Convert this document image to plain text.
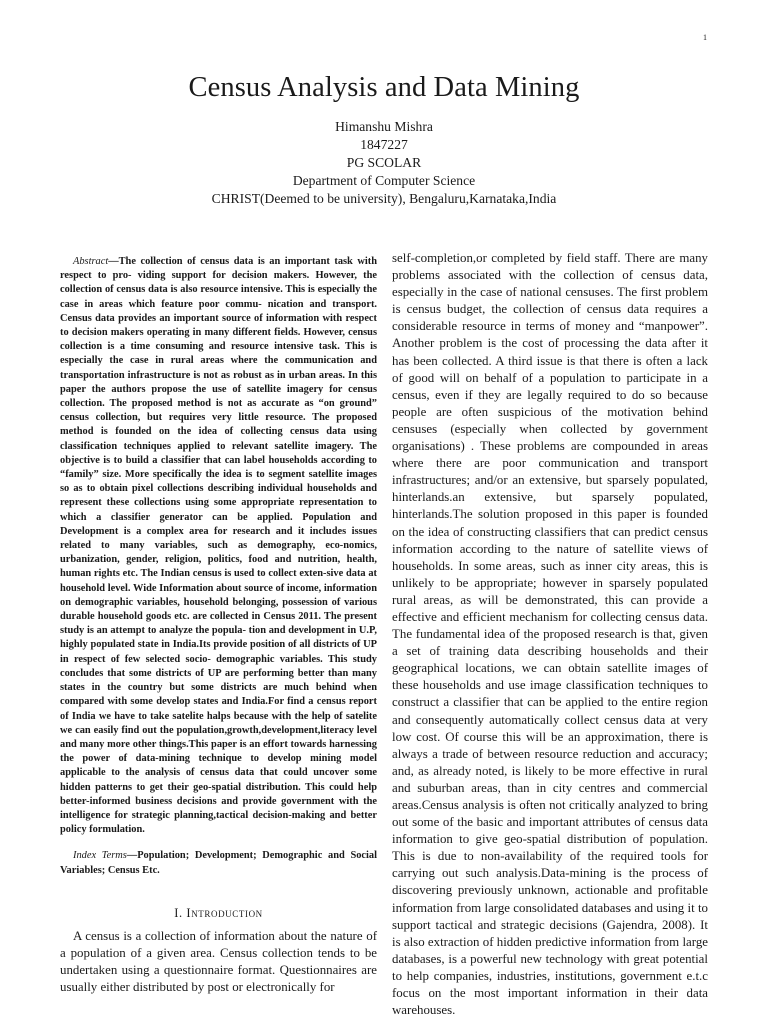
1
Census Analysis and Data Mining
Himanshu Mishra
1847227
PG SCOLAR
Department of Computer Science
CHRIST(Deemed to be university), Bengaluru,Karnataka,India

Abstract—The collection of census data is an important task with respect to pro- viding support for decision makers. However, the collection of census data is also resource intensive. This is especially the case in areas which feature poor commu- nication and transport. Census data provides an important source of information with respect to decision makers operating in many different fields. However, census collection is a time consuming and resource intensive task. This is especially the case in rural areas where the communication and transportation infrastructure is not as robust as in urban areas. In this paper the authors propose the use of satellite imagery for census collection. The proposed method is not as accurate as “on ground” census collection, but requires very little resource. The proposed method is founded on the idea of collecting census data using classification techniques applied to relevant satellite imagery. The objective is to build a classifier that can label households according to “family” size. More specifically the idea is to segment satellite images so as to obtain pixel collections describing individual households and represent these collections using some appropriate representation to which a classifier generator can be applied. Population and Development is a complex area for research and it includes issues related to many variables, such as demography, eco-nomics, urbanization, gender, religion, politics, food and nutrition, health, human rights etc. The Indian census is used to collect exten-sive data at household level. Wide Information about source of income, information on demographic variables, household belonging, possession of various durable household goods etc. are collected in Census 2011. The present study is an attempt to analyze the popula- tion and development in U.P, highly populated state in India.Its provide position of all districts of UP in respect of few selected socio- demographic variables. This study concludes that some districts of UP are performing better than many states in the country but some districts are much behind when compared with some develop states and India.For find a census report of India we have to take satelite halps because with the help of satelite we can easily find out the population,growth,development,literacy level and many more other things.This paper is an effort towards harnessing the power of data-mining technique to develop mining model applicable to the analysis of census data that could uncover some hidden patterns to get their geo-spatial distribution. This could help better-informed business decisions and provide government with the intelligence for strategic planning,tactical decision-making and better policy formulation.

Index Terms—Population; Development; Demographic and Social Variables; Census Etc.

I. Introduction

A census is a collection of information about the nature of a population of a given area. Census collection tends to be undertaken using a questionnaire format. Questionnaires are usually either distributed by post or electronically for

self-completion,or completed by field staff. There are many problems associated with the collection of census data, especially in the case of national censuses. The first problem is census budget, the collection of census data requires a considerable resource in terms of money and “manpower”. Another problem is the cost of processing the data after it has been collected. A third issue is that there is often a lack of good will on behalf of a population to participate in a census, even if they are legally required to do so because people are often suspicious of the motivation behind censuses (especially when collected by government organisations) . These problems are compounded in areas where there are poor communication and transport infrastructures; and/or an extensive, but sparsely populated, hinterlands.an extensive, but sparsely populated, hinterlands.The solution proposed in this paper is founded on the idea of constructing classifiers that can predict census information according to the nature of satellite views of households. In some areas, such as inner city areas, this is unlikely to be appropriate; however in sparsely populated rural areas, as will be demonstrated, this can provide a effective and efficient mechanism for collecting census data. The fundamental idea of the proposed research is that, given a set of training data describing households and their geographical locations, we can obtain satellite images of these households and use image classification techniques to construct a classifier that can be applied to the entire region and consequently automatically collect census data at very low cost. Of course this will be an approximation, there is always a trade of between resource reduction and accuracy; and, as already noted, is likely to be more effective in rural and suburban areas, than in city centres and commercial areas.Census analysis is often not critically analyzed to bring out some of the basic and important attributes of census data information to give geo-spatial distribution of population. This is due to non-availability of the required tools for carrying out such analysis.Data-mining is the process of discovering previously unknown, actionable and profitable information from large consolidated databases and using it to support tactical and strategic decisions (Gajendra, 2008). It is also extraction of hidden predictive information from large databases, is a powerful new technology with great potential to help companies, industries, institutions, government e.t.c focus on the most important information in their data warehouses.
